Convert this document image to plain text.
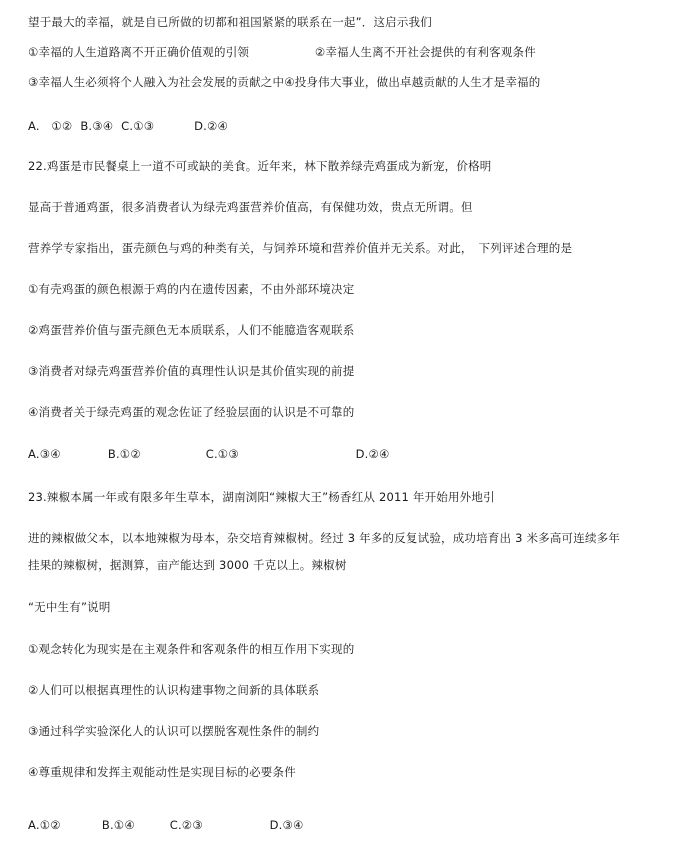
望于最大的幸福，就是自已所做的切都和祖国紧紧的联系在一起”．这启示我们
①幸福的人生道路离不开正确价值观的引领	②幸福人生离不开社会提供的有利客观条件
③幸福人生必须将个人融入为社会发展的贡献之中④投身伟大事业，做出卓越贡献的人生才是幸福的
A.　①② B.③④ C.①③	D.②④
22.鸡蛋是市民餐桌上一道不可或缺的美食。近年来，林下散养绿壳鸡蛋成为新宠，价格明
显高于普通鸡蛋，很多消费者认为绿壳鸡蛋营养价值高，有保健功效，贵点无所谓。但
营养学专家指出，蛋壳颜色与鸡的种类有关，与饲养环境和营养价值并无关系。对此，　下列评述合理的是
①有壳鸡蛋的颜色根源于鸡的内在遗传因素，不由外部环境决定
②鸡蛋营养价值与蛋壳颜色无本质联系，人们不能臆造客观联系
③消费者对绿壳鸡蛋营养价值的真理性认识是其价值实现的前提
④消费者关于绿壳鸡蛋的观念佐证了经验层面的认识是不可靠的
A.③④	B.①②	C.①③	D.②④
23.辣椒本属一年或有限多年生草本，湖南浏阳“辣椒大王”杨香红从 2011 年开始用外地引
进的辣椒做父本，以本地辣椒为母本，杂交培育辣椒树。经过 3 年多的反复试验，成功培育出 3 米多高可连续多年
挂果的辣椒树，据测算，亩产能达到 3000 千克以上。辣椒树
“无中生有”说明
①观念转化为现实是在主观条件和客观条件的相互作用下实现的
②人们可以根据真理性的认识构建事物之间新的具体联系
③通过科学实验深化人的认识可以摆脱客观性条件的制约
④尊重规律和发挥主观能动性是实现目标的必要条件
A.①②	B.①④	C.②③	D.③④
